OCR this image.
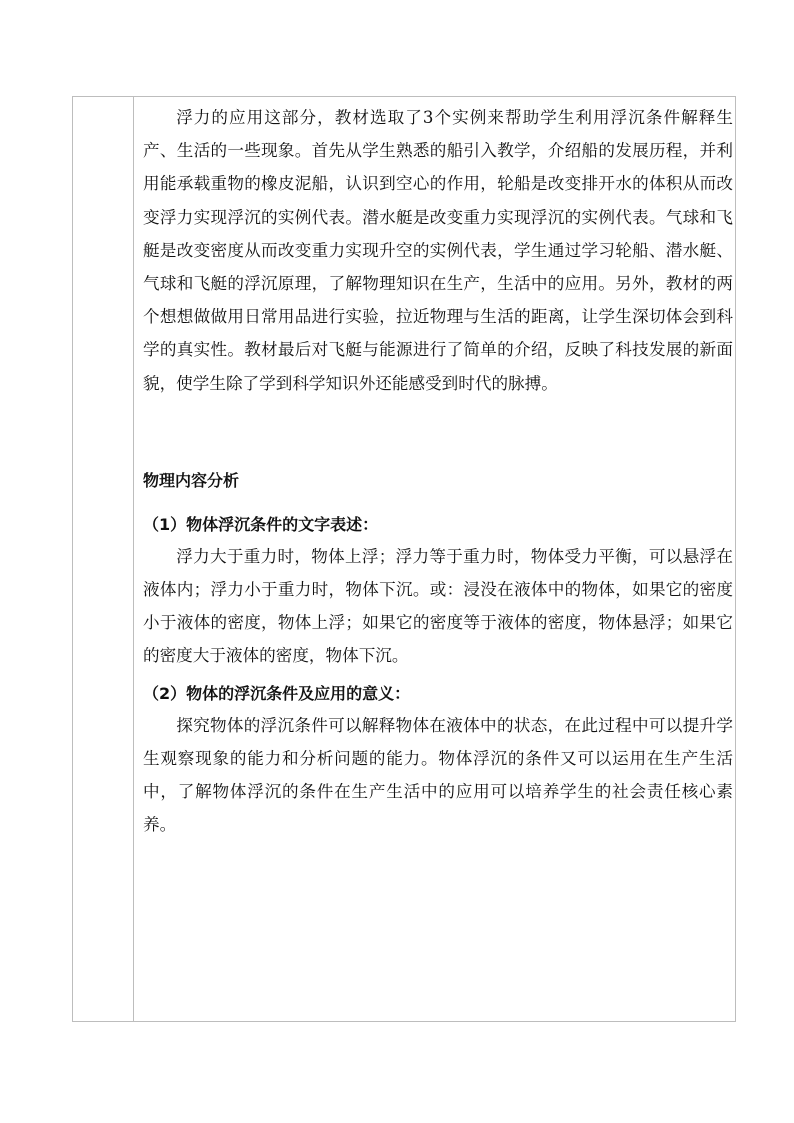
浮力的应用这部分，教材选取了3个实例来帮助学生利用浮沉条件解释生产、生活的一些现象。首先从学生熟悉的船引入教学，介绍船的发展历程，并利用能承载重物的橡皮泥船，认识到空心的作用，轮船是改变排开水的体积从而改变浮力实现浮沉的实例代表。潜水艇是改变重力实现浮沉的实例代表。气球和飞艇是改变密度从而改变重力实现升空的实例代表，学生通过学习轮船、潜水艇、气球和飞艇的浮沉原理，了解物理知识在生产，生活中的应用。另外，教材的两个想想做做用日常用品进行实验，拉近物理与生活的距离，让学生深切体会到科学的真实性。教材最后对飞艇与能源进行了简单的介绍，反映了科技发展的新面貌，使学生除了学到科学知识外还能感受到时代的脉搏。

物理内容分析

（1）物体浮沉条件的文字表述：

浮力大于重力时，物体上浮；浮力等于重力时，物体受力平衡，可以悬浮在液体内；浮力小于重力时，物体下沉。或：浸没在液体中的物体，如果它的密度小于液体的密度，物体上浮；如果它的密度等于液体的密度，物体悬浮；如果它的密度大于液体的密度，物体下沉。

（2）物体的浮沉条件及应用的意义：

探究物体的浮沉条件可以解释物体在液体中的状态，在此过程中可以提升学生观察现象的能力和分析问题的能力。物体浮沉的条件又可以运用在生产生活中，了解物体浮沉的条件在生产生活中的应用可以培养学生的社会责任核心素养。
